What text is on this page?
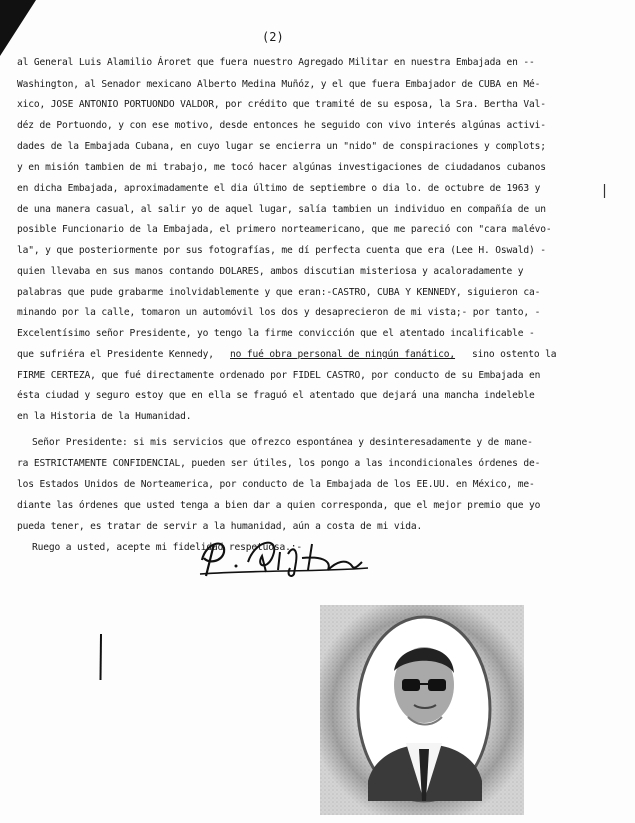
(2)
al General Luis Alamilio Ároret que fuera nuestro Agregado Militar en nuestra Embajada en --
Washington, al Senador mexicano Alberto Medina Muñóz, y el que fuera Embajador de CUBA en Mé-
xico, JOSE ANTONIO PORTUONDO VALDOR, por crédito que tramité de su esposa, la Sra. Bertha Val-
déz de Portuondo, y con ese motivo, desde entonces he seguido con vivo interés algúnas activi-
dades de la Embajada Cubana, en cuyo lugar se encierra un "nido" de conspiraciones y complots;
y en misión tambien de mi trabajo, me tocó hacer algúnas investigaciones de ciudadanos cubanos
en dicha Embajada, aproximadamente el dia último de septiembre o dia lo. de octubre de 1963 y
de una manera casual, al salir yo de aquel lugar, salía tambien un individuo en compañía de un
posible Funcionario de la Embajada, el primero norteamericano, que me pareció con "cara malévo-
la", y que posteriormente por sus fotografías, me dí perfecta cuenta que era (Lee H. Oswald) -
quien llevaba en sus manos contando DOLARES, ambos discutian misteriosa y acaloradamente y
palabras que pude grabarme inolvidablemente y que eran:-CASTRO, CUBA Y KENNEDY, siguieron ca-
minando por la calle, tomaron un automóvil los dos y desaprecieron de mi vista;- por tanto, -
Excelentísimo señor Presidente, yo tengo la firme convicción que el atentado incalificable -
que sufriéra el Presidente Kennedy, no fué obra personal de ningún fanático, sino ostento la
FIRME CERTEZA, que fué directamente ordenado por FIDEL CASTRO, por conducto de su Embajada en
ésta ciudad y seguro estoy que en ella se fraguó el atentado que dejará una mancha indeleble
en la Historia de la Humanidad.
Señor Presidente: si mis servicios que ofrezco espontánea y desinteresadamente y de mane-
ra ESTRICTAMENTE CONFIDENCIAL, pueden ser útiles, los pongo a las incondicionales órdenes de-
los Estados Unidos de Norteamerica, por conducto de la Embajada de los EE.UU. en México, me-
diante las órdenes que usted tenga a bien dar a quien corresponda, que el mejor premio que yo
pueda tener, es tratar de servir a la humanidad, aún a costa de mi vida.
Ruego a usted, acepte mi fidelidad respetuosa.:-
